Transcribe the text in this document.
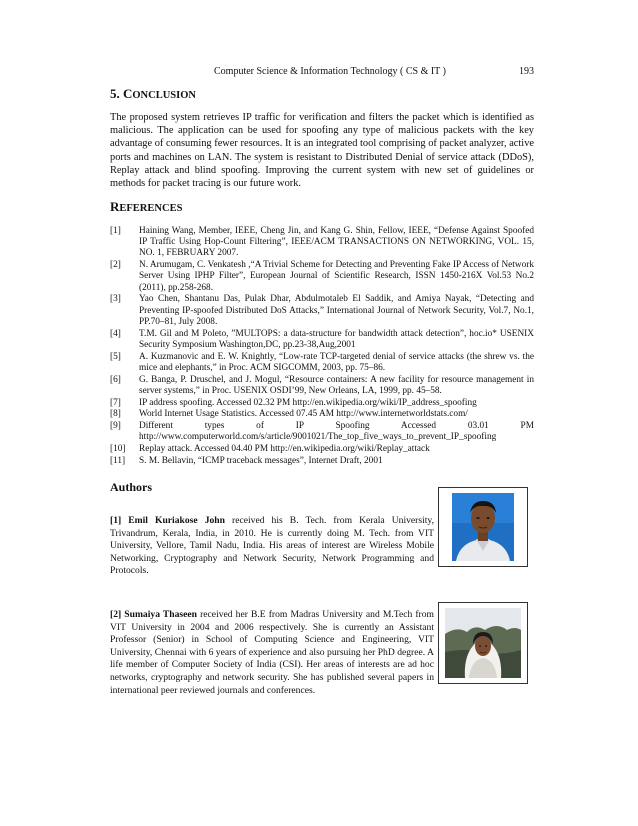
Computer Science & Information Technology ( CS & IT )	193
5. CONCLUSION

The proposed system retrieves IP traffic for verification and filters the packet which is identified as malicious. The application can be used for spoofing any type of malicious packets with the key advantage of consuming fewer resources. It is an integrated tool comprising of packet analyzer, active ports and machines on LAN. The system is resistant to Distributed Denial of service attack (DDoS), Replay attack and blind spoofing. Improving the current system with new set of guidelines or methods for packet tracing is our future work.

REFERENCES
[1] Haining Wang, Member, IEEE, Cheng Jin, and Kang G. Shin, Fellow, IEEE, “Defense Against Spoofed IP Traffic Using Hop-Count Filtering”, IEEE/ACM TRANSACTIONS ON NETWORKING, VOL. 15, NO. 1, FEBRUARY 2007.
[2] N. Arumugam, C. Venkatesh ,“A Trivial Scheme for Detecting and Preventing Fake IP Access of Network Server Using IPHP Filter”, European Journal of Scientific Research, ISSN 1450-216X Vol.53 No.2 (2011), pp.258-268.
[3] Yao Chen, Shantanu Das, Pulak Dhar, Abdulmotaleb El Saddik, and Amiya Nayak, “Detecting and Preventing IP-spoofed Distributed DoS Attacks,” International Journal of Network Security, Vol.7, No.1, PP.70–81, July 2008.
[4] T.M. Gil and M Poleto, ”MULTOPS: a data-structure for bandwidth attack detection”, hoc.io* USENIX Security Symposium Washington,DC, pp.23-38,Aug,2001
[5] A. Kuzmanovic and E. W. Knightly, “Low-rate TCP-targeted denial of service attacks (the shrew vs. the mice and elephants,” in Proc. ACM SIGCOMM, 2003, pp. 75–86.
[6] G. Banga, P. Druschel, and J. Mogul, “Resource containers: A new facility for resource management in server systems,” in Proc. USENIX OSDI’99, New Orleans, LA, 1999, pp. 45–58.
[7] IP address spoofing. Accessed 02.32 PM http://en.wikipedia.org/wiki/IP_address_spoofing
[8] World Internet Usage Statistics. Accessed 07.45 AM http://www.internetworldstats.com/
[9] Different types of IP Spoofing Accessed 03.01 PM http://www.computerworld.com/s/article/9001021/The_top_five_ways_to_prevent_IP_spoofing
[10] Replay attack. Accessed 04.40 PM http://en.wikipedia.org/wiki/Replay_attack
[11] S. M. Bellavin, “ICMP traceback messages”, Internet Draft, 2001
Authors

[1] Emil Kuriakose John received his B. Tech. from Kerala University, Trivandrum, Kerala, India, in 2010. He is currently doing M. Tech. from VIT University, Vellore, Tamil Nadu, India. His areas of interest are Wireless Mobile Networking, Cryptography and Network Security, Network Programming and Protocols.

[2] Sumaiya Thaseen received her B.E from Madras University and M.Tech from VIT University in 2004 and 2006 respectively. She is currently an Assistant Professor (Senior) in School of Computing Science and Engineering, VIT University, Chennai with 6 years of experience and also pursuing her PhD degree. A life member of Computer Society of India (CSI). Her areas of interests are ad hoc networks, cryptography and network security. She has published several papers in international peer reviewed journals and conferences.
